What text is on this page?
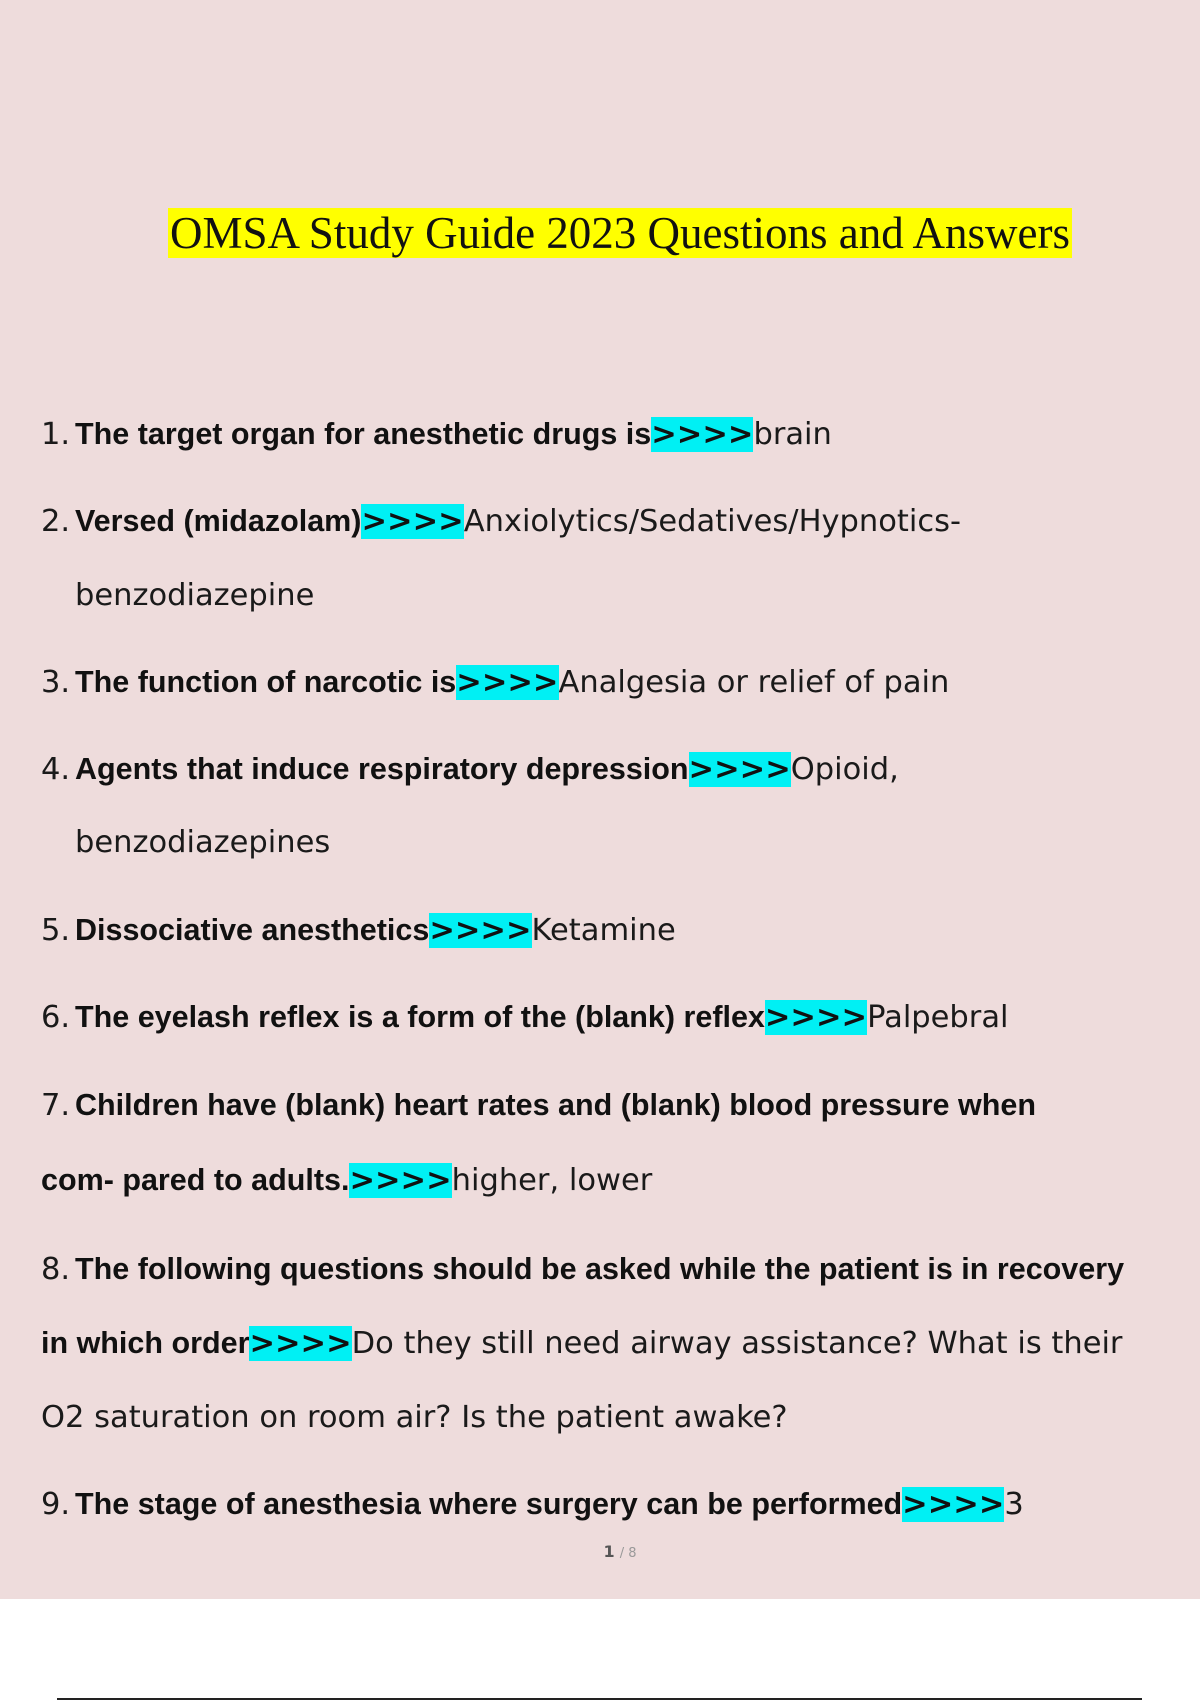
OMSA Study Guide 2023 Questions and Answers
1. The target organ for anesthetic drugs is>>>>brain
2. Versed (midazolam)>>>>Anxiolytics/Sedatives/Hypnotics-
benzodiazepine
3. The function of narcotic is>>>>Analgesia or relief of pain
4. Agents that induce respiratory depression>>>>Opioid,
benzodiazepines
5. Dissociative anesthetics>>>>Ketamine
6. The eyelash reflex is a form of the (blank) reflex>>>>Palpebral
7. Children have (blank) heart rates and (blank) blood pressure when
com- pared to adults.>>>>higher, lower
8. The following questions should be asked while the patient is in recovery
in which order>>>>Do they still need airway assistance? What is their
O2 saturation on room air? Is the patient awake?
9. The stage of anesthesia where surgery can be performed>>>>3
1 / 8
